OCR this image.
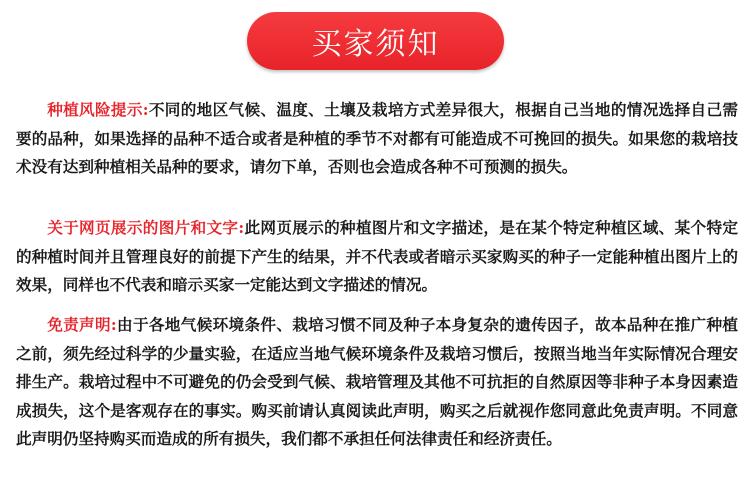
买家须知

种植风险提示:不同的地区气候、温度、土壤及栽培方式差异很大，根据自己当地的情况选择自己需要的品种，如果选择的品种不适合或者是种植的季节不对都有可能造成不可挽回的损失。如果您的栽培技术没有达到种植相关品种的要求，请勿下单，否则也会造成各种不可预测的损失。

关于网页展示的图片和文字:此网页展示的种植图片和文字描述，是在某个特定种植区域、某个特定的种植时间并且管理良好的前提下产生的结果，并不代表或者暗示买家购买的种子一定能种植出图片上的效果，同样也不代表和暗示买家一定能达到文字描述的情况。

免责声明:由于各地气候环境条件、栽培习惯不同及种子本身复杂的遗传因子，故本品种在推广种植之前，须先经过科学的少量实验，在适应当地气候环境条件及栽培习惯后，按照当地当年实际情况合理安排生产。栽培过程中不可避免的仍会受到气候、栽培管理及其他不可抗拒的自然原因等非种子本身因素造成损失，这个是客观存在的事实。购买前请认真阅读此声明，购买之后就视作您同意此免责声明。不同意此声明仍坚持购买而造成的所有损失，我们都不承担任何法律责任和经济责任。
